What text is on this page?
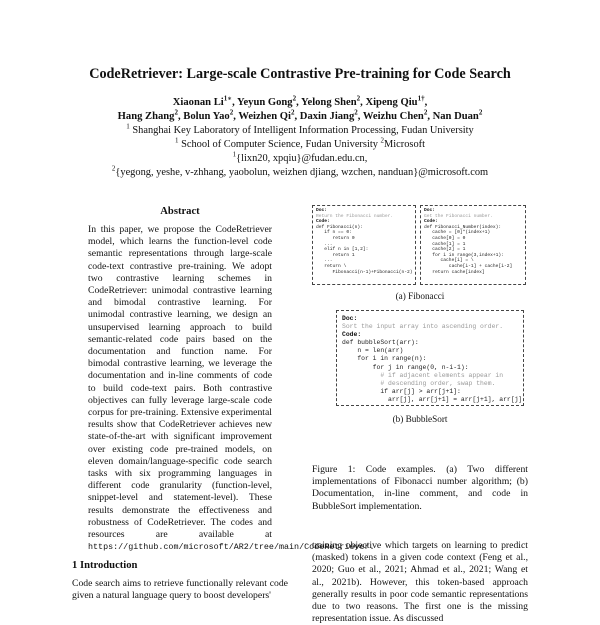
CodeRetriever: Large-scale Contrastive Pre-training for Code Search
Xiaonan $Li^{1∗}$, Yeyun Gong$^2$, Yelong Shen$^2$, Xipeng Qiu$^{1\dagger}$,
Hang Zhang$^2$, Bolun Yao$^2$, Weizhen Qi$^2$, Daxin Jiang$^2$, Weizhu Chen$^2$, Nan Duan$^2$
$^1$ Shanghai Key Laboratory of Intelligent Information Processing, Fudan University
$^1$ School of Computer Science, Fudan University $^2$Microsoft
$^1${lixn20, xpqiu}@fudan.edu.cn,
$^2${yegong, yeshe, v-zhhang, yaobolun, weizhen djiang, wzchen, nanduan}@microsoft.com
Abstract
In this paper, we propose the CodeRetriever model, which learns the function-level code semantic representations through large-scale code-text contrastive pre-training. We adopt two contrastive learning schemes in CodeRetriever: unimodal contrastive learning and bimodal contrastive learning. For unimodal contrastive learning, we design an unsupervised learning approach to build semantic-related code pairs based on the documentation and function name. For bimodal contrastive learning, we leverage the documentation and in-line comments of code to build code-text pairs. Both contrastive objectives can fully leverage large-scale code corpus for pre-training. Extensive experimental results show that CodeRetriever achieves new state-of-the-art with significant improvement over existing code pre-trained models, on eleven domain/language-specific code search tasks with six programming languages in different code granularity (function-level, snippet-level and statement-level). These results demonstrate the effectiveness and robustness of CodeRetriever. The codes and resources are available at https://github.com/microsoft/AR2/tree/main/CodeRetriever.
1 Introduction
Code search aims to retrieve functionally relevant code given a natural language query to boost developers'
Doc:
Return the Fibonacci number.
Code:
def Fibonacci(n):
if n == 0:
return 0
...
elif n in [1,2]:
return 1
...
return \
Fibonacci(n-1)+Fibonacci(n-2)
Doc:
Get the Fibonacci number.
Code:
def Fibonacci_Number(index):
cache = [0]*(index+1)
cache[0] = 0
cache[1] = 1
cache[2] = 1
for i in range(3,index+1):
cache[i] = \
cache[i-1] + cache[i-2]
return cache[index]
(a) Fibonacci
Doc:
Sort the input array into ascending order.
Code:
def bubbleSort(arr):
n = len(arr)
for i in range(n):
for j in range(0, n-i-1):
# if adjacent elements appear in
# descending order, swap them.
if arr[j] > arr[j+1]:
arr[j], arr[j+1] = arr[j+1], arr[j]
(b) BubbleSort
Figure 1: Code examples. (a) Two different implementations of Fibonacci number algorithm; (b) Documentation, in-line comment, and code in BubbleSort implementation.
training objective which targets on learning to predict (masked) tokens in a given code context (Feng et al., 2020; Guo et al., 2021; Ahmad et al., 2021; Wang et al., 2021b). However, this token-based approach generally results in poor code semantic representations due to two reasons. The first one is the missing representation issue. As discussed
